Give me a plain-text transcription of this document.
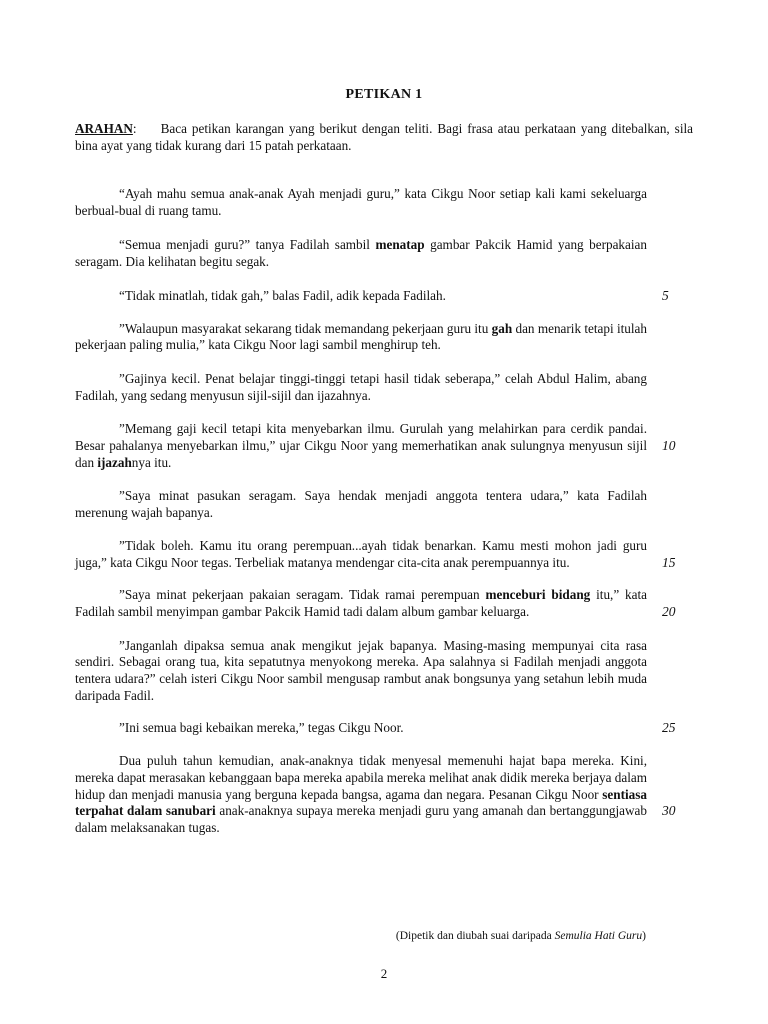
PETIKAN 1
ARAHAN: Baca petikan karangan yang berikut dengan teliti. Bagi frasa atau perkataan yang ditebalkan, sila bina ayat yang tidak kurang dari 15 patah perkataan.

“Ayah mahu semua anak-anak Ayah menjadi guru,” kata Cikgu Noor setiap kali kami sekeluarga berbual-bual di ruang tamu.

“Semua menjadi guru?” tanya Fadilah sambil menatap gambar Pakcik Hamid yang berpakaian seragam. Dia kelihatan begitu segak.

“Tidak minatlah, tidak gah,” balas Fadil, adik kepada Fadilah.	5

”Walaupun masyarakat sekarang tidak memandang pekerjaan guru itu gah dan menarik tetapi itulah pekerjaan paling mulia,” kata Cikgu Noor lagi sambil menghirup teh.

”Gajinya kecil. Penat belajar tinggi-tinggi tetapi hasil tidak seberapa,” celah Abdul Halim, abang Fadilah, yang sedang menyusun sijil-sijil dan ijazahnya.

”Memang gaji kecil tetapi kita menyebarkan ilmu. Gurulah yang melahirkan para cerdik pandai. Besar pahalanya menyebarkan ilmu,” ujar Cikgu Noor yang memerhatikan anak sulungnya menyusun sijil dan ijazahnya itu.
10

”Saya minat pasukan seragam. Saya hendak menjadi anggota tentera udara,” kata Fadilah merenung wajah bapanya.

”Tidak boleh. Kamu itu orang perempuan...ayah tidak benarkan. Kamu mesti mohon jadi guru juga,” kata Cikgu Noor tegas. Terbeliak matanya mendengar cita-cita anak perempuannya itu.	15

”Saya minat pekerjaan pakaian seragam. Tidak ramai perempuan menceburi bidang itu,” kata Fadilah sambil menyimpan gambar Pakcik Hamid tadi dalam album gambar keluarga.	20

”Janganlah dipaksa semua anak mengikut jejak bapanya. Masing-masing mempunyai cita rasa sendiri. Sebagai orang tua, kita sepatutnya menyokong mereka. Apa salahnya si Fadilah menjadi anggota tentera udara?” celah isteri Cikgu Noor sambil mengusap rambut anak bongsunya yang setahun lebih muda daripada Fadil.

”Ini semua bagi kebaikan mereka,” tegas Cikgu Noor.	25

Dua puluh tahun kemudian, anak-anaknya tidak menyesal memenuhi hajat bapa mereka. Kini, mereka dapat merasakan kebanggaan bapa mereka apabila mereka melihat anak didik mereka berjaya dalam hidup dan menjadi manusia yang berguna kepada bangsa, agama dan negara. Pesanan Cikgu Noor sentiasa terpahat dalam sanubari anak-anaknya supaya mereka menjadi guru yang amanah dan bertanggungjawab dalam melaksanakan tugas.
30

(Dipetik dan diubah suai daripada Semulia Hati Guru)
2
